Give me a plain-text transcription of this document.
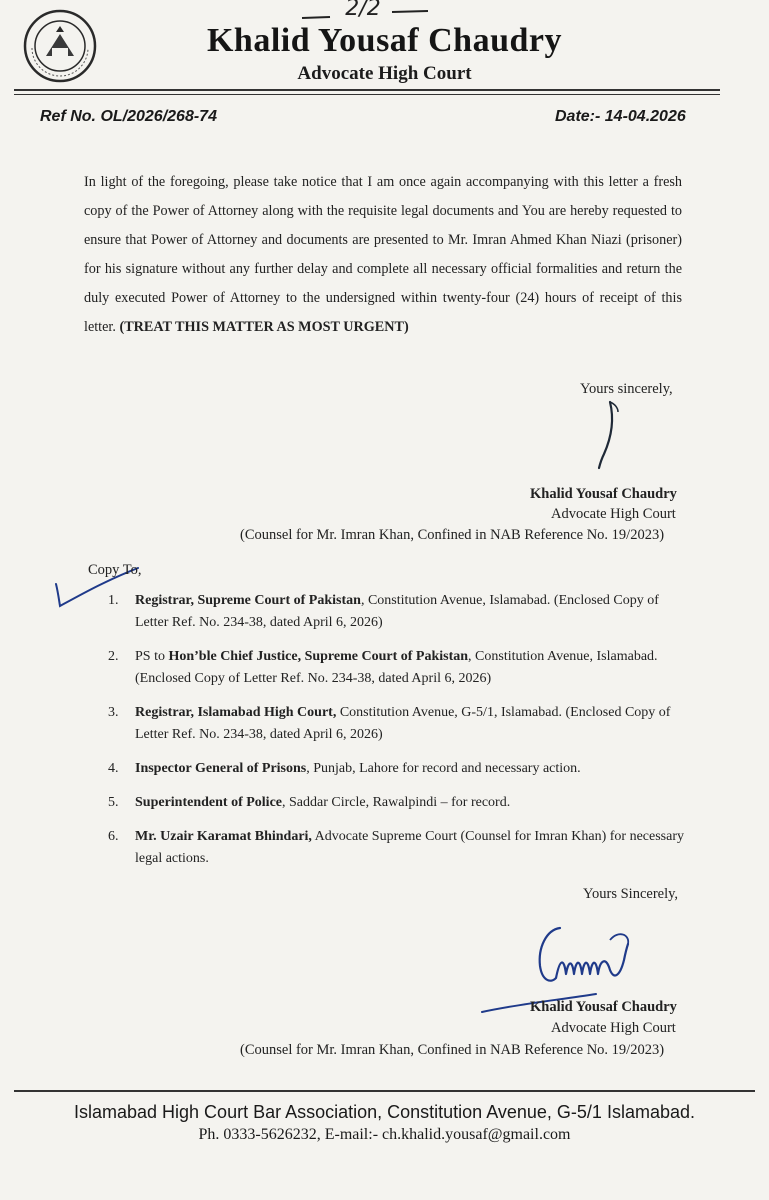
2/2
Khalid Yousaf Chaudry
Advocate High Court
Ref No. OL/2026/268-74	Date:- 14-04.2026
In light of the foregoing, please take notice that I am once again accompanying with this letter a fresh copy of the Power of Attorney along with the requisite legal documents and You are hereby requested to ensure that Power of Attorney and documents are presented to Mr. Imran Ahmed Khan Niazi (prisoner) for his signature without any further delay and complete all necessary official formalities and return the duly executed Power of Attorney to the undersigned within twenty-four (24) hours of receipt of this letter. (TREAT THIS MATTER AS MOST URGENT)
Yours sincerely,
Khalid Yousaf Chaudry
Advocate High Court
(Counsel for Mr. Imran Khan, Confined in NAB Reference No. 19/2023)
Copy To,
1. Registrar, Supreme Court of Pakistan, Constitution Avenue, Islamabad. (Enclosed Copy of Letter Ref. No. 234-38, dated April 6, 2026)
2. PS to Hon’ble Chief Justice, Supreme Court of Pakistan, Constitution Avenue, Islamabad. (Enclosed Copy of Letter Ref. No. 234-38, dated April 6, 2026)
3. Registrar, Islamabad High Court, Constitution Avenue, G-5/1, Islamabad. (Enclosed Copy of Letter Ref. No. 234-38, dated April 6, 2026)
4. Inspector General of Prisons, Punjab, Lahore for record and necessary action.
5. Superintendent of Police, Saddar Circle, Rawalpindi – for record.
6. Mr. Uzair Karamat Bhindari, Advocate Supreme Court (Counsel for Imran Khan) for necessary legal actions.
Yours Sincerely,
Khalid Yousaf Chaudry
Advocate High Court
(Counsel for Mr. Imran Khan, Confined in NAB Reference No. 19/2023)
Islamabad High Court Bar Association, Constitution Avenue, G-5/1 Islamabad.
Ph. 0333-5626232, E-mail:- ch.khalid.yousaf@gmail.com
